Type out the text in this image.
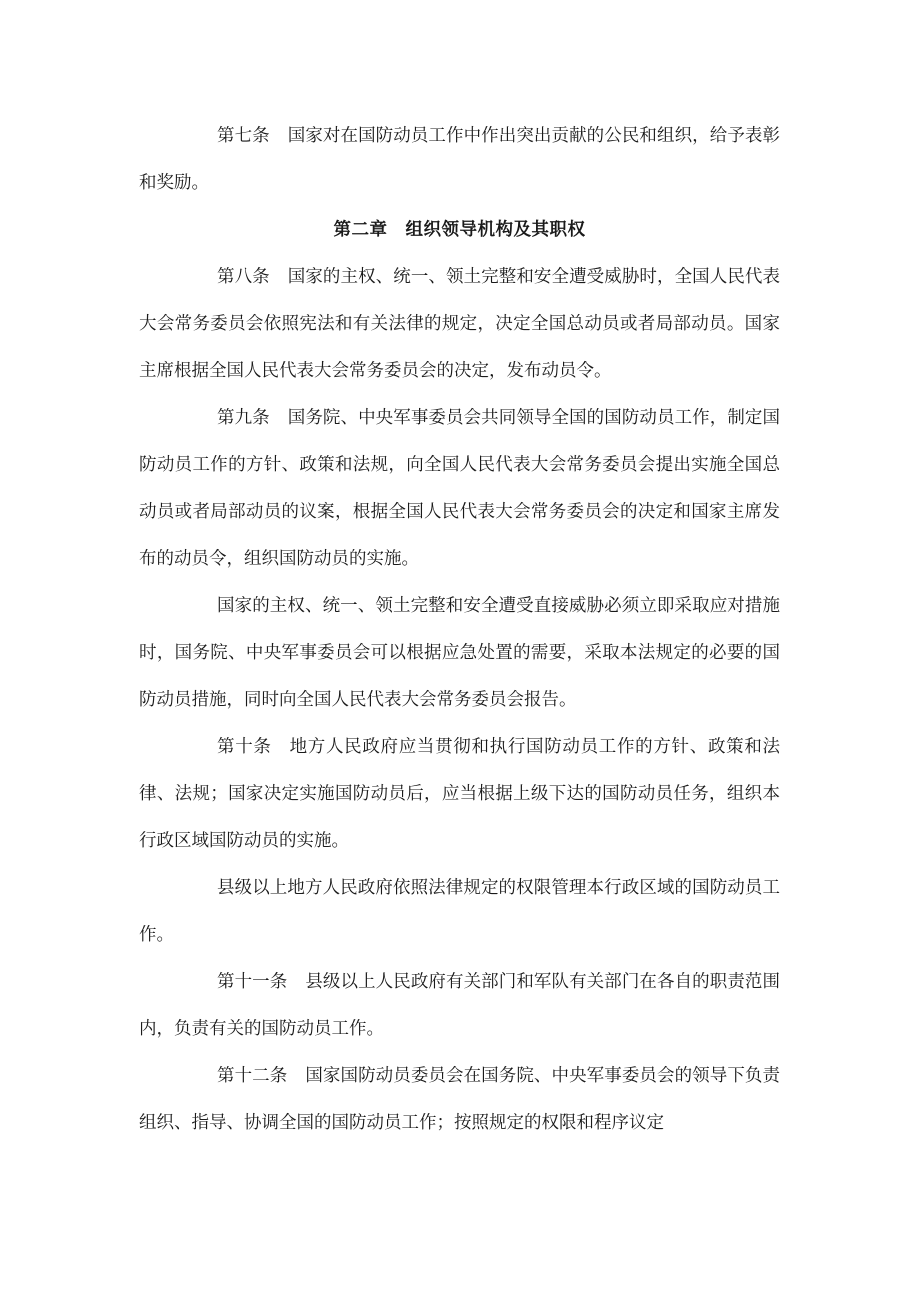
第七条 国家对在国防动员工作中作出突出贡献的公民和组织，给予表彰和奖励。

第二章　组织领导机构及其职权

第八条 国家的主权、统一、领土完整和安全遭受威胁时，全国人民代表大会常务委员会依照宪法和有关法律的规定，决定全国总动员或者局部动员。国家主席根据全国人民代表大会常务委员会的决定，发布动员令。

第九条 国务院、中央军事委员会共同领导全国的国防动员工作，制定国防动员工作的方针、政策和法规，向全国人民代表大会常务委员会提出实施全国总动员或者局部动员的议案，根据全国人民代表大会常务委员会的决定和国家主席发布的动员令，组织国防动员的实施。

国家的主权、统一、领土完整和安全遭受直接威胁必须立即采取应对措施时，国务院、中央军事委员会可以根据应急处置的需要，采取本法规定的必要的国防动员措施，同时向全国人民代表大会常务委员会报告。

第十条 地方人民政府应当贯彻和执行国防动员工作的方针、政策和法律、法规；国家决定实施国防动员后，应当根据上级下达的国防动员任务，组织本行政区域国防动员的实施。

县级以上地方人民政府依照法律规定的权限管理本行政区域的国防动员工作。

第十一条 县级以上人民政府有关部门和军队有关部门在各自的职责范围内，负责有关的国防动员工作。

第十二条 国家国防动员委员会在国务院、中央军事委员会的领导下负责组织、指导、协调全国的国防动员工作；按照规定的权限和程序议定
